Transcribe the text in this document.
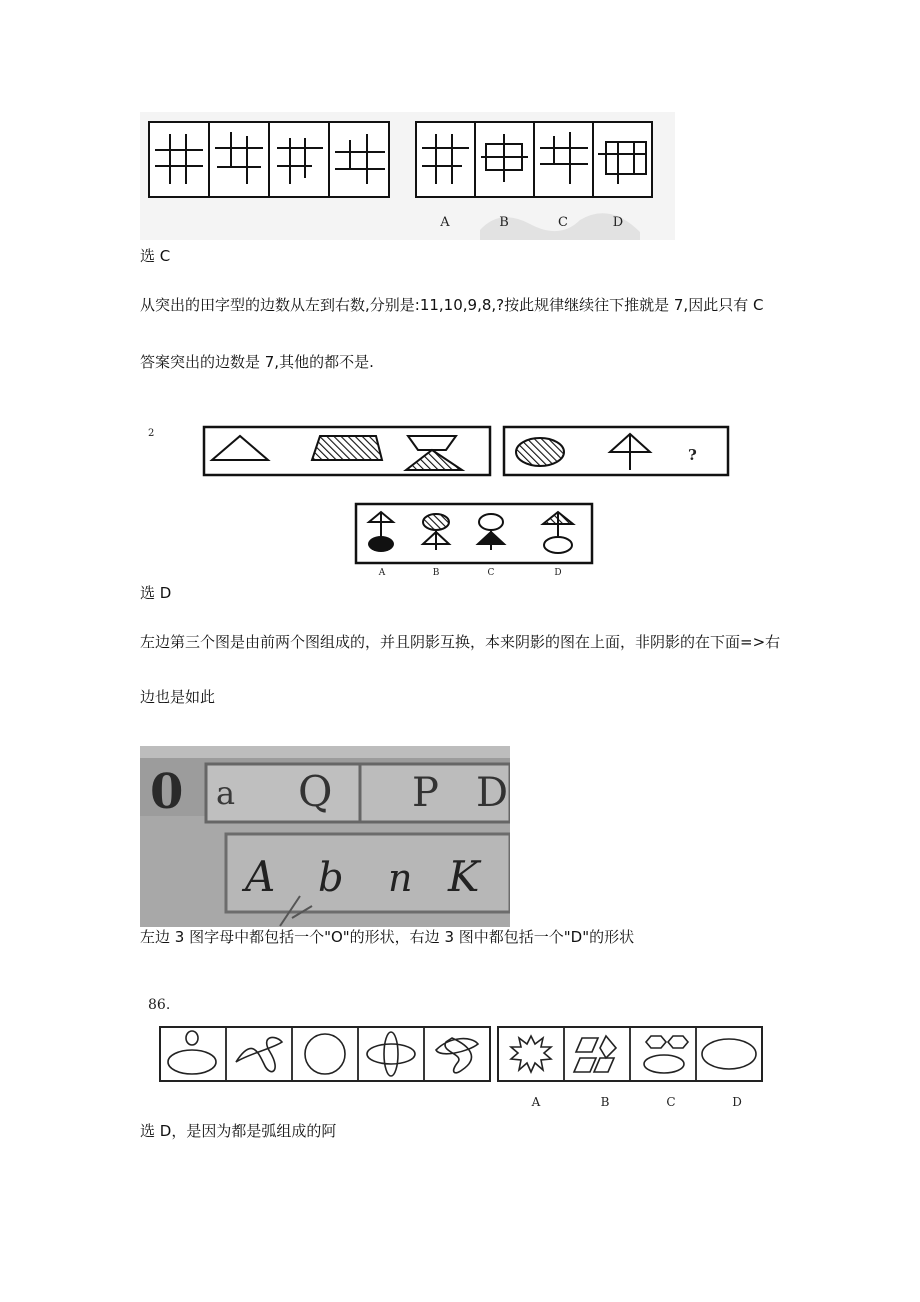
A	B	C	D
选 C
从突出的田字型的边数从左到右数,分别是:11,10,9,8,?按此规律继续往下推就是 7,因此只有 C
答案突出的边数是 7,其他的都不是.
2
?
A	B	C	D
选 D
左边第三个图是由前两个图组成的，并且阴影互换，本来阴影的图在上面，非阴影的在下面=>右
边也是如此
0 a Q P D
A b n K
左边 3 图字母中都包括一个"O"的形状，右边 3 图中都包括一个"D"的形状
86.
A	B	C	D
选 D，是因为都是弧组成的阿
